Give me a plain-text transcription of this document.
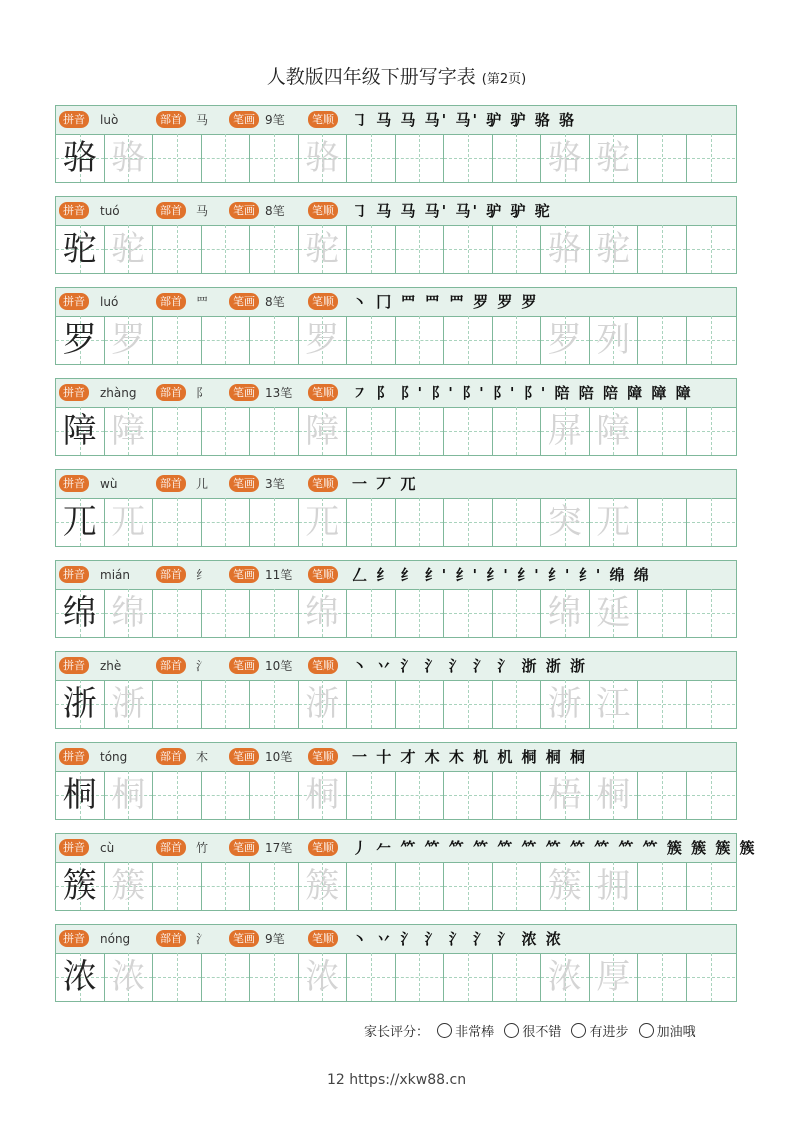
人教版四年级下册写字表 (第2页)
拼音	luò	部首	马	笔画 9笔	笔顺 ㇆ 马 马 马' 马' 驴 驴 骆 骆
骆 骆	骆	骆 驼
拼音	tuó	部首	马	笔画 8笔	笔顺 ㇆ 马 马 马' 马' 驴 驴 驼
驼 驼	驼	骆 驼
拼音	luó	部首	罒	笔画 8笔	笔顺 丶 冂 罒 罒 罒 罗 罗 罗
罗 罗	罗	罗 列
拼音	zhàng	部首	阝	笔画 13笔	笔顺 ㇇ 阝 阝' 阝' 阝' 阝' 阝' 陪 陪 陪 障 障 障
障 障	障	屏 障
拼音	wù	部首	儿	笔画 3笔	笔顺 一 丆 兀
兀 兀	兀	突 兀
拼音	mián	部首	纟	笔画 11笔	笔顺 𠃋 纟 纟 纟' 纟' 纟' 纟' 纟' 纟' 绵 绵
绵 绵	绵	绵 延
拼音	zhè	部首	氵	笔画 10笔	笔顺 丶 丷 氵 氵 氵 氵 氵 浙 浙 浙
浙 浙	浙	浙 江
拼音	tóng	部首	木	笔画 10笔	笔顺 一 十 才 木 木 机 机 桐 桐 桐
桐 桐	桐	梧 桐
拼音	cù	部首	竹	笔画 17笔	笔顺 丿 𠂉 𥫗 𥫗 𥫗 𥫗 𥫗 𥫗 𥫗 𥫗 𥫗 𥫗 𥫗 簇 簇 簇 簇
簇 簇	簇	簇 拥
拼音	nóng	部首	氵	笔画 9笔	笔顺 丶 丷 氵 氵 氵 氵 氵 浓 浓
浓 浓	浓	浓 厚
家长评分： 非常棒 很不错 有进步 加油哦
12 https://xkw88.cn
